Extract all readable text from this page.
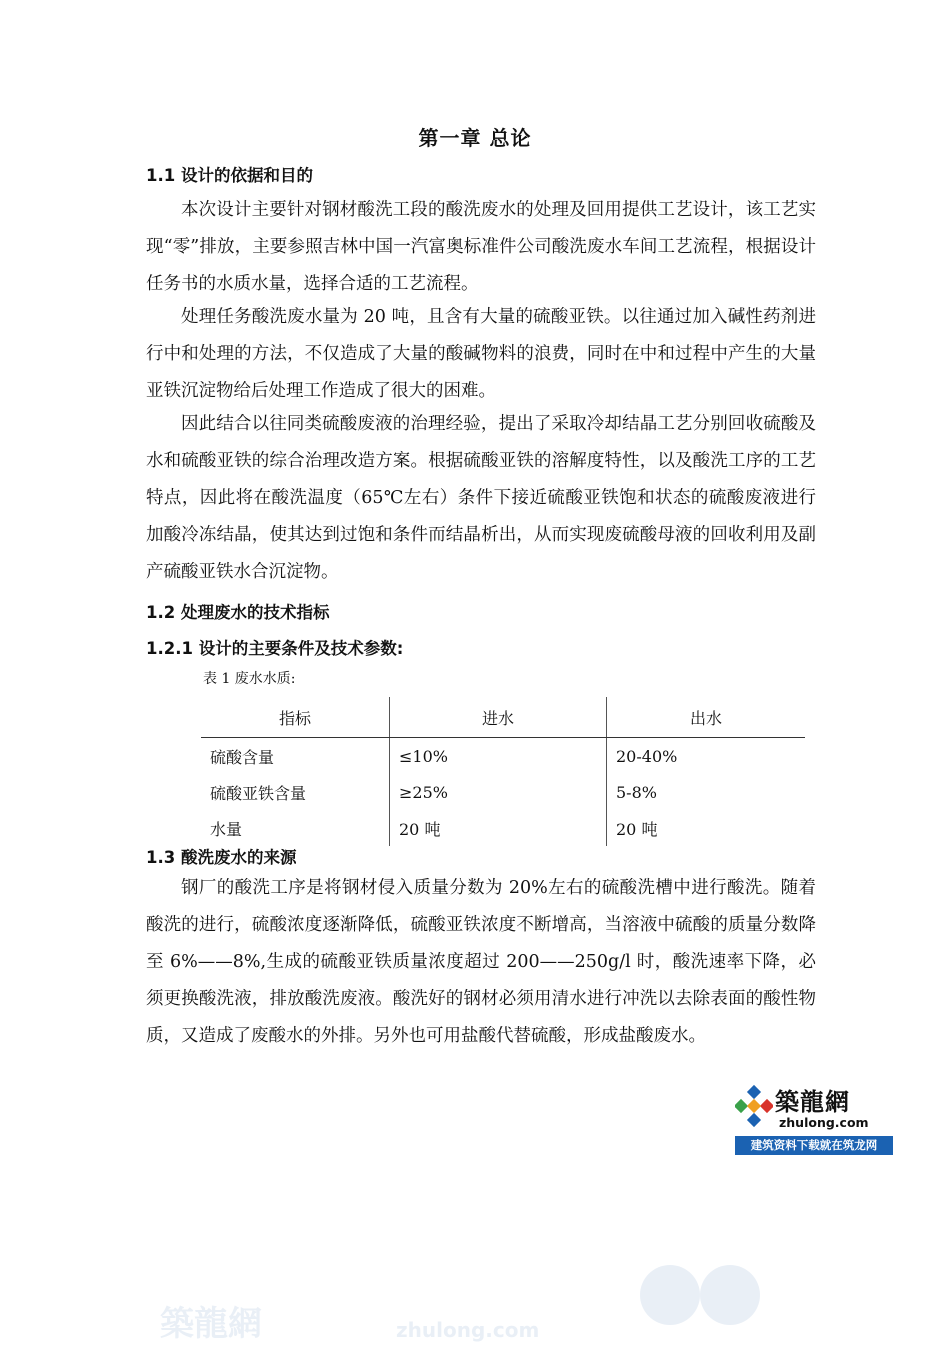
第一章 总论
1.1 设计的依据和目的

本次设计主要针对钢材酸洗工段的酸洗废水的处理及回用提供工艺设计，该工艺实现“零”排放，主要参照吉林中国一汽富奥标准件公司酸洗废水车间工艺流程，根据设计任务书的水质水量，选择合适的工艺流程。

处理任务酸洗废水量为 20 吨，且含有大量的硫酸亚铁。以往通过加入碱性药剂进行中和处理的方法，不仅造成了大量的酸碱物料的浪费，同时在中和过程中产生的大量亚铁沉淀物给后处理工作造成了很大的困难。

因此结合以往同类硫酸废液的治理经验，提出了采取冷却结晶工艺分别回收硫酸及水和硫酸亚铁的综合治理改造方案。根据硫酸亚铁的溶解度特性，以及酸洗工序的工艺特点，因此将在酸洗温度（65℃左右）条件下接近硫酸亚铁饱和状态的硫酸废液进行加酸冷冻结晶，使其达到过饱和条件而结晶析出，从而实现废硫酸母液的回收利用及副产硫酸亚铁水合沉淀物。

1.2 处理废水的技术指标
1.2.1 设计的主要条件及技术参数:
表 1 废水水质:
指标	进水	出水
硫酸含量	≤10%	20-40%
硫酸亚铁含量	≥25%	5-8%
水量	20 吨	20 吨
1.3 酸洗废水的来源

钢厂的酸洗工序是将钢材侵入质量分数为 20%左右的硫酸洗槽中进行酸洗。随着酸洗的进行，硫酸浓度逐渐降低，硫酸亚铁浓度不断增高，当溶液中硫酸的质量分数降至 6%——8%,生成的硫酸亚铁质量浓度超过 200——250g/l 时，酸洗速率下降，必须更换酸洗液，排放酸洗废液。酸洗好的钢材必须用清水进行冲洗以去除表面的酸性物质，又造成了废酸水的外排。另外也可用盐酸代替硫酸，形成盐酸废水。

築龍網
zhulong.com
建筑资料下载就在筑龙网
築龍網	zhulong.com
